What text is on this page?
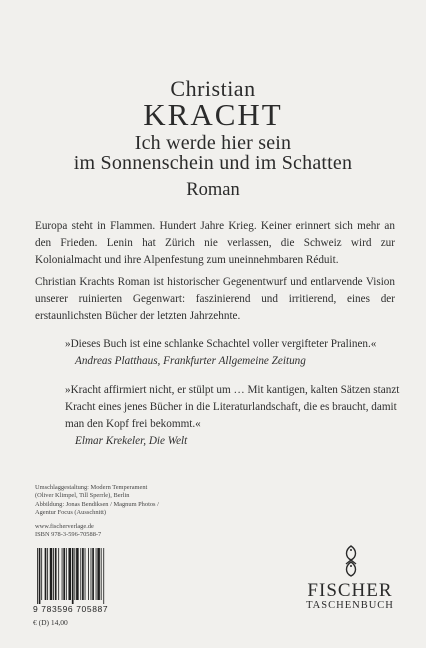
Christian
KRACHT
Ich werde hier sein
im Sonnenschein und im Schatten
Roman
Europa steht in Flammen. Hundert Jahre Krieg. Keiner erinnert sich mehr an den Frieden. Lenin hat Zürich nie verlassen, die Schweiz wird zur Kolonialmacht und ihre Alpenfestung zum uneinnehmbaren Réduit.
Christian Krachts Roman ist historischer Gegenentwurf und entlarvende Vision unserer ruinierten Gegenwart: faszinierend und irritierend, eines der erstaunlichsten Bücher der letzten Jahrzehnte.
»Dieses Buch ist eine schlanke Schachtel voller vergifteter Pralinen.«
Andreas Platthaus, Frankfurter Allgemeine Zeitung
»Kracht affirmiert nicht, er stülpt um … Mit kantigen, kalten Sätzen stanzt Kracht eines jenes Bücher in die Literaturlandschaft, die es braucht, damit man den Kopf frei bekommt.«
Elmar Krekeler, Die Welt
Umschlaggestaltung: Modern Temperament
(Oliver Klimpel, Till Sperrle), Berlin
Abbildung: Jonas Bendiksen / Magnum Photos /
Agentur Focus (Ausschnitt)
www.fischerverlage.de
ISBN 978-3-596-70588-7
9 783596 705887
€ (D) 14,00
FISCHER
TASCHENBUCH
